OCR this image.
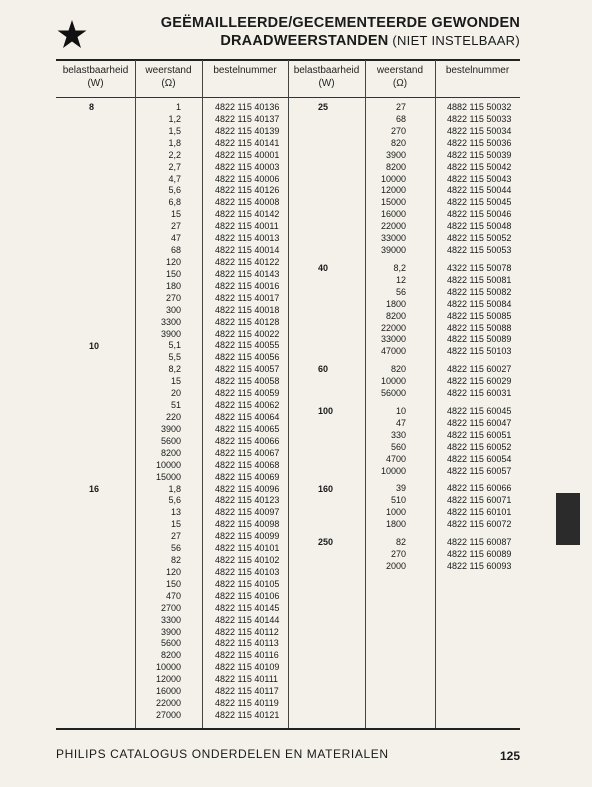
GEËMAILLEERDE/GECEMENTEERDE GEWONDEN
DRAADWEERSTANDEN (NIET INSTELBAAR)
belastbaarheid
(W)
weerstand
(Ω)
bestelnummer	belastbaarheid
(W)
weerstand
(Ω)
bestelnummer
1
1,2
1,5
1,8
2,2
2,7
4,7
5,6
6,8
15
27
47
68
120
150
180
270
300
3300
3900
5,1
5,5
8,2
15
20
51
220
3900
5600
8200
10000
15000
1,8
5,6
13
15
27
56
82
120
150
470
2700
3300
3900
5600
8200
10000
12000
16000
22000
27000
4822 115 40136
4822 115 40137
4822 115 40139
4822 115 40141
4822 115 40001
4822 115 40003
4822 115 40006
4822 115 40126
4822 115 40008
4822 115 40142
4822 115 40011
4822 115 40013
4822 115 40014
4822 115 40122
4822 115 40143
4822 115 40016
4822 115 40017
4822 115 40018
4822 115 40128
4822 115 40022
4822 115 40055
4822 115 40056
4822 115 40057
4822 115 40058
4822 115 40059
4822 115 40062
4822 115 40064
4822 115 40065
4822 115 40066
4822 115 40067
4822 115 40068
4822 115 40069
4822 115 40096
4822 115 40123
4822 115 40097
4822 115 40098
4822 115 40099
4822 115 40101
4822 115 40102
4822 115 40103
4822 115 40105
4822 115 40106
4822 115 40145
4822 115 40144
4822 115 40112
4822 115 40113
4822 115 40116
4822 115 40109
4822 115 40111
4822 115 40117
4822 115 40119
4822 115 40121
8
10
16
27
68
270
820
3900
8200
10000
12000
15000
16000
22000
33000
39000
8,2
12
56
1800
8200
22000
33000
47000
820
10000
56000
10
47
330
560
4700
10000
39
510
1000
1800
82
270
2000
4882 115 50032
4822 115 50033
4822 115 50034
4822 115 50036
4822 115 50039
4822 115 50042
4822 115 50043
4822 115 50044
4822 115 50045
4822 115 50046
4822 115 50048
4822 115 50052
4822 115 50053
4322 115 50078
4822 115 50081
4822 115 50082
4822 115 50084
4822 115 50085
4822 115 50088
4822 115 50089
4822 115 50103
4822 115 60027
4822 115 60029
4822 115 60031
4822 115 60045
4822 115 60047
4822 115 60051
4822 115 60052
4822 115 60054
4822 115 60057
4822 115 60066
4822 115 60071
4822 115 60101
4822 115 60072
4822 115 60087
4822 115 60089
4822 115 60093
25
40
60
100
160
250
PHILIPS CATALOGUS ONDERDELEN EN MATERIALEN	125
